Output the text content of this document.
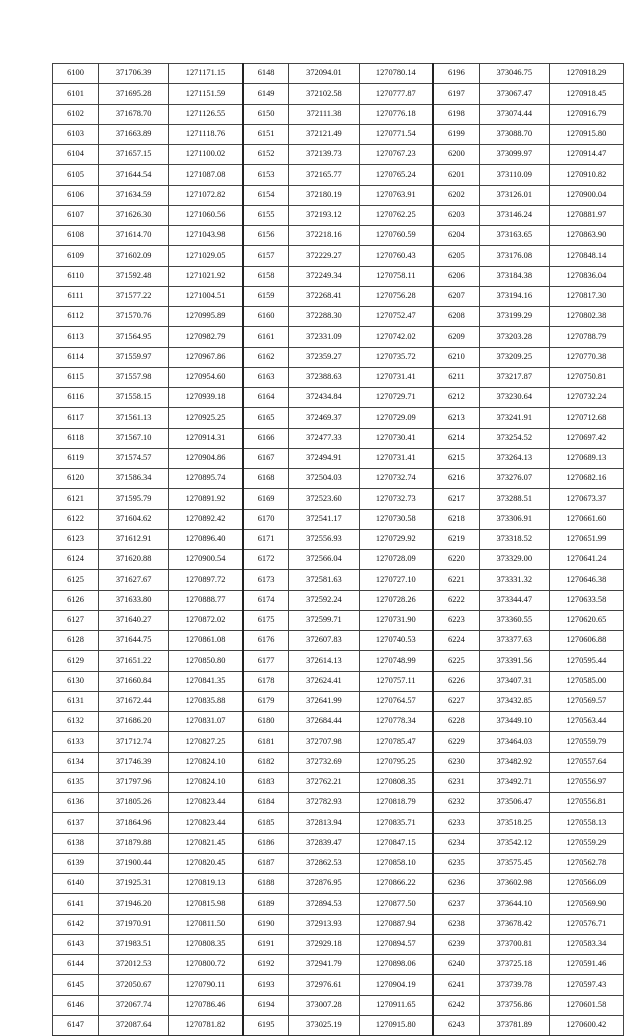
6100	371706.39	1271171.15	6148	372094.01	1270780.14	6196	373046.75	1270918.29
6101	371695.28	1271151.59	6149	372102.58	1270777.87	6197	373067.47	1270918.45
6102	371678.70	1271126.55	6150	372111.38	1270776.18	6198	373074.44	1270916.79
6103	371663.89	1271118.76	6151	372121.49	1270771.54	6199	373088.70	1270915.80
6104	371657.15	1271100.02	6152	372139.73	1270767.23	6200	373099.97	1270914.47
6105	371644.54	1271087.08	6153	372165.77	1270765.24	6201	373110.09	1270910.82
6106	371634.59	1271072.82	6154	372180.19	1270763.91	6202	373126.01	1270900.04
6107	371626.30	1271060.56	6155	372193.12	1270762.25	6203	373146.24	1270881.97
6108	371614.70	1271043.98	6156	372218.16	1270760.59	6204	373163.65	1270863.90
6109	371602.09	1271029.05	6157	372229.27	1270760.43	6205	373176.08	1270848.14
6110	371592.48	1271021.92	6158	372249.34	1270758.11	6206	373184.38	1270836.04
6111	371577.22	1271004.51	6159	372268.41	1270756.28	6207	373194.16	1270817.30
6112	371570.76	1270995.89	6160	372288.30	1270752.47	6208	373199.29	1270802.38
6113	371564.95	1270982.79	6161	372331.09	1270742.02	6209	373203.28	1270788.79
6114	371559.97	1270967.86	6162	372359.27	1270735.72	6210	373209.25	1270770.38
6115	371557.98	1270954.60	6163	372388.63	1270731.41	6211	373217.87	1270750.81
6116	371558.15	1270939.18	6164	372434.84	1270729.71	6212	373230.64	1270732.24
6117	371561.13	1270925.25	6165	372469.37	1270729.09	6213	373241.91	1270712.68
6118	371567.10	1270914.31	6166	372477.33	1270730.41	6214	373254.52	1270697.42
6119	371574.57	1270904.86	6167	372494.91	1270731.41	6215	373264.13	1270689.13
6120	371586.34	1270895.74	6168	372504.03	1270732.74	6216	373276.07	1270682.16
6121	371595.79	1270891.92	6169	372523.60	1270732.73	6217	373288.51	1270673.37
6122	371604.62	1270892.42	6170	372541.17	1270730.58	6218	373306.91	1270661.60
6123	371612.91	1270896.40	6171	372556.93	1270729.92	6219	373318.52	1270651.99
6124	371620.88	1270900.54	6172	372566.04	1270728.09	6220	373329.00	1270641.24
6125	371627.67	1270897.72	6173	372581.63	1270727.10	6221	373331.32	1270646.38
6126	371633.80	1270888.77	6174	372592.24	1270728.26	6222	373344.47	1270633.58
6127	371640.27	1270872.02	6175	372599.71	1270731.90	6223	373360.55	1270620.65
6128	371644.75	1270861.08	6176	372607.83	1270740.53	6224	373377.63	1270606.88
6129	371651.22	1270850.80	6177	372614.13	1270748.99	6225	373391.56	1270595.44
6130	371660.84	1270841.35	6178	372624.41	1270757.11	6226	373407.31	1270585.00
6131	371672.44	1270835.88	6179	372641.99	1270764.57	6227	373432.85	1270569.57
6132	371686.20	1270831.07	6180	372684.44	1270778.34	6228	373449.10	1270563.44
6133	371712.74	1270827.25	6181	372707.98	1270785.47	6229	373464.03	1270559.79
6134	371746.39	1270824.10	6182	372732.69	1270795.25	6230	373482.92	1270557.64
6135	371797.96	1270824.10	6183	372762.21	1270808.35	6231	373492.71	1270556.97
6136	371805.26	1270823.44	6184	372782.93	1270818.79	6232	373506.47	1270556.81
6137	371864.96	1270823.44	6185	372813.94	1270835.71	6233	373518.25	1270558.13
6138	371879.88	1270821.45	6186	372839.47	1270847.15	6234	373542.12	1270559.29
6139	371900.44	1270820.45	6187	372862.53	1270858.10	6235	373575.45	1270562.78
6140	371925.31	1270819.13	6188	372876.95	1270866.22	6236	373602.98	1270566.09
6141	371946.20	1270815.98	6189	372894.53	1270877.50	6237	373644.10	1270569.90
6142	371970.91	1270811.50	6190	372913.93	1270887.94	6238	373678.42	1270576.71
6143	371983.51	1270808.35	6191	372929.18	1270894.57	6239	373700.81	1270583.34
6144	372012.53	1270800.72	6192	372941.79	1270898.06	6240	373725.18	1270591.46
6145	372050.67	1270790.11	6193	372976.61	1270904.19	6241	373739.78	1270597.43
6146	372067.74	1270786.46	6194	373007.28	1270911.65	6242	373756.86	1270601.58
6147	372087.64	1270781.82	6195	373025.19	1270915.80	6243	373781.89	1270600.42
